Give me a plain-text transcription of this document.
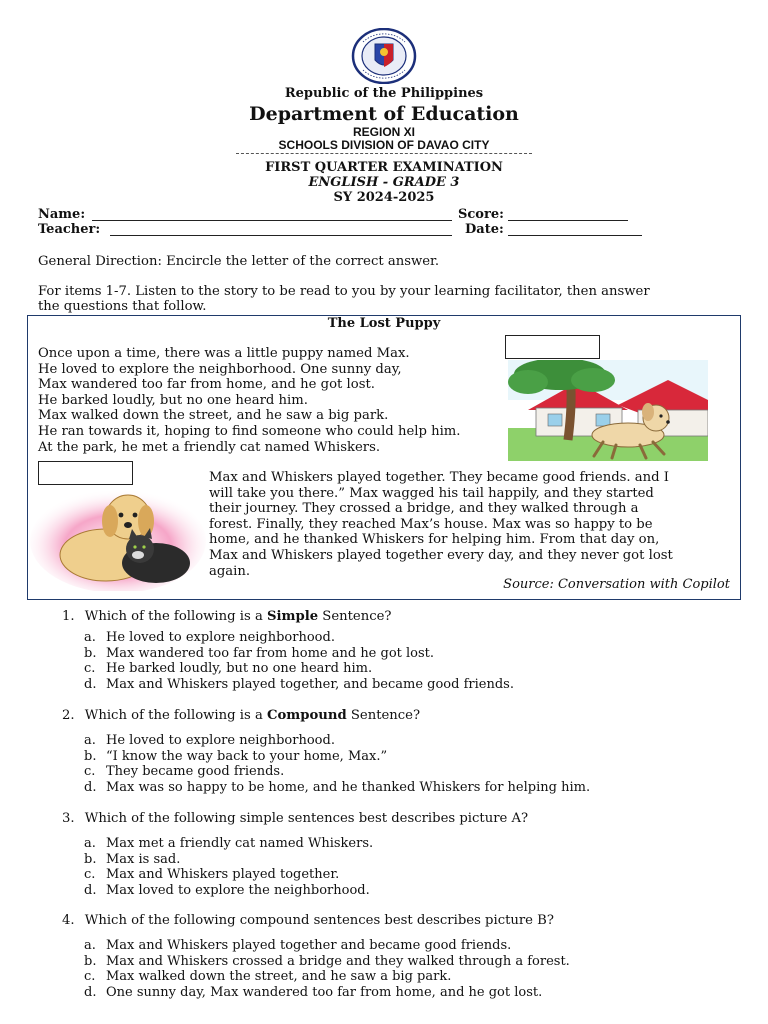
Republic of the Philippines
Department of Education
REGION XI
SCHOOLS DIVISION OF DAVAO CITY
FIRST QUARTER EXAMINATION
ENGLISH - GRADE 3
SY 2024-2025
Name:	Score:
Teacher:	Date:
General Direction: Encircle the letter of the correct answer.
For items 1-7. Listen to the story to be read to you by your learning facilitator, then answer
the questions that follow.
The Lost Puppy
Once upon a time, there was a little puppy named Max.
He loved to explore the neighborhood. One sunny day,
Max wandered too far from home, and he got lost.
He barked loudly, but no one heard him.
Max walked down the street, and he saw a big park.
He ran towards it, hoping to find someone who could help him.
At the park, he met a friendly cat named Whiskers.
Max and Whiskers played together. They became good friends. and I
will take you there.” Max wagged his tail happily, and they started
their journey. They crossed a bridge, and they walked through a
forest. Finally, they reached Max’s house. Max was so happy to be
home, and he thanked Whiskers for helping him. From that day on,
Max and Whiskers played together every day, and they never got lost
again.
Source: Conversation with Copilot
1. Which of the following is a Simple Sentence?
a. He loved to explore neighborhood.
b. Max wandered too far from home and he got lost.
c. He barked loudly, but no one heard him.
d. Max and Whiskers played together, and became good friends.
2. Which of the following is a Compound Sentence?
a. He loved to explore neighborhood.
b. “I know the way back to your home, Max.”
c. They became good friends.
d. Max was so happy to be home, and he thanked Whiskers for helping him.
3. Which of the following simple sentences best describes picture A?
a. Max met a friendly cat named Whiskers.
b. Max is sad.
c. Max and Whiskers played together.
d. Max loved to explore the neighborhood.
4. Which of the following compound sentences best describes picture B?
a. Max and Whiskers played together and became good friends.
b. Max and Whiskers crossed a bridge and they walked through a forest.
c. Max walked down the street, and he saw a big park.
d. One sunny day, Max wandered too far from home, and he got lost.
